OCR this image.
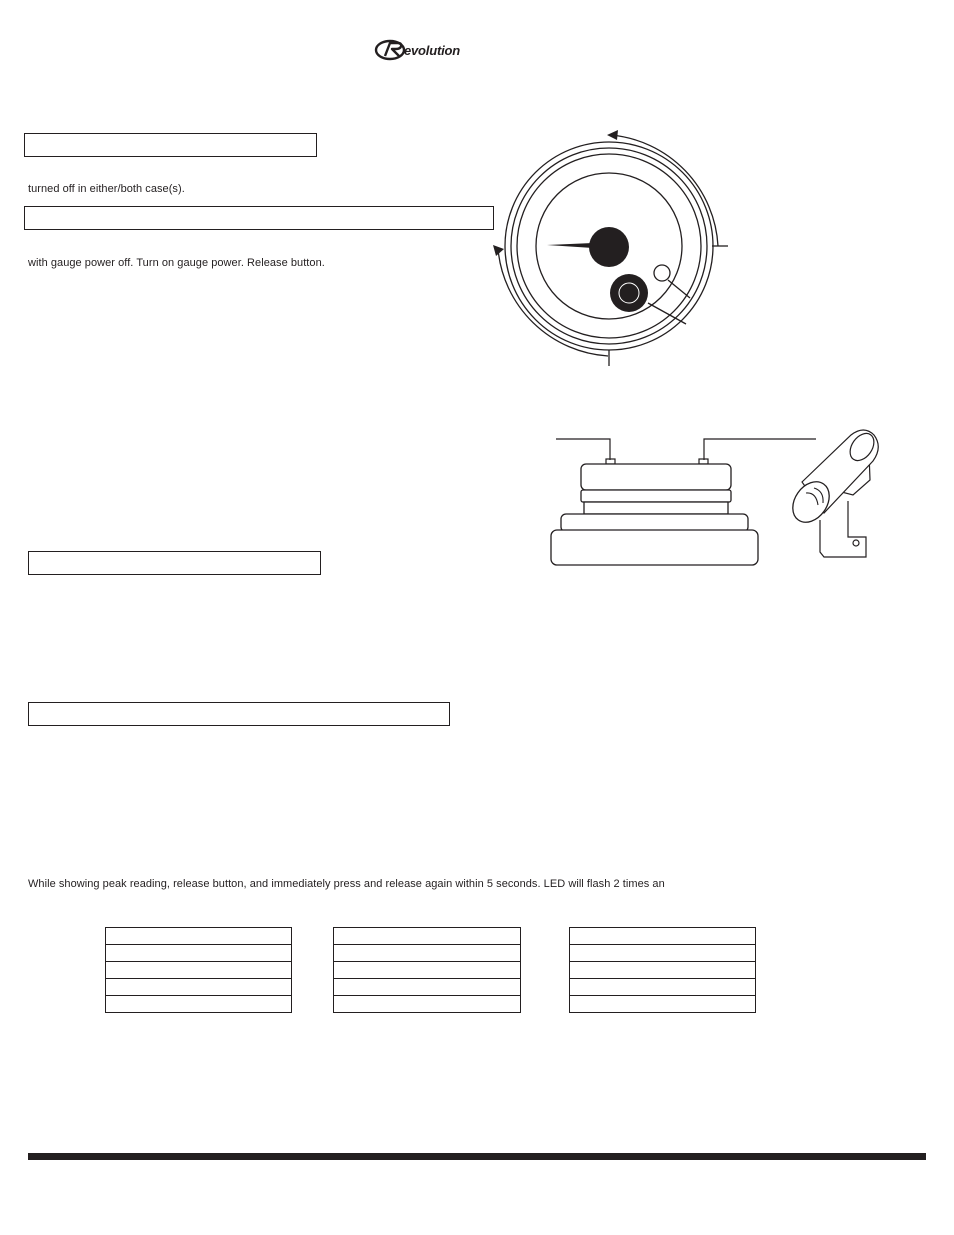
evolution
turned off in either/both case(s).
with gauge power off. Turn on gauge power. Release button.
While showing peak reading, release button, and immediately press and release again within 5 seconds. LED will flash 2 times an
